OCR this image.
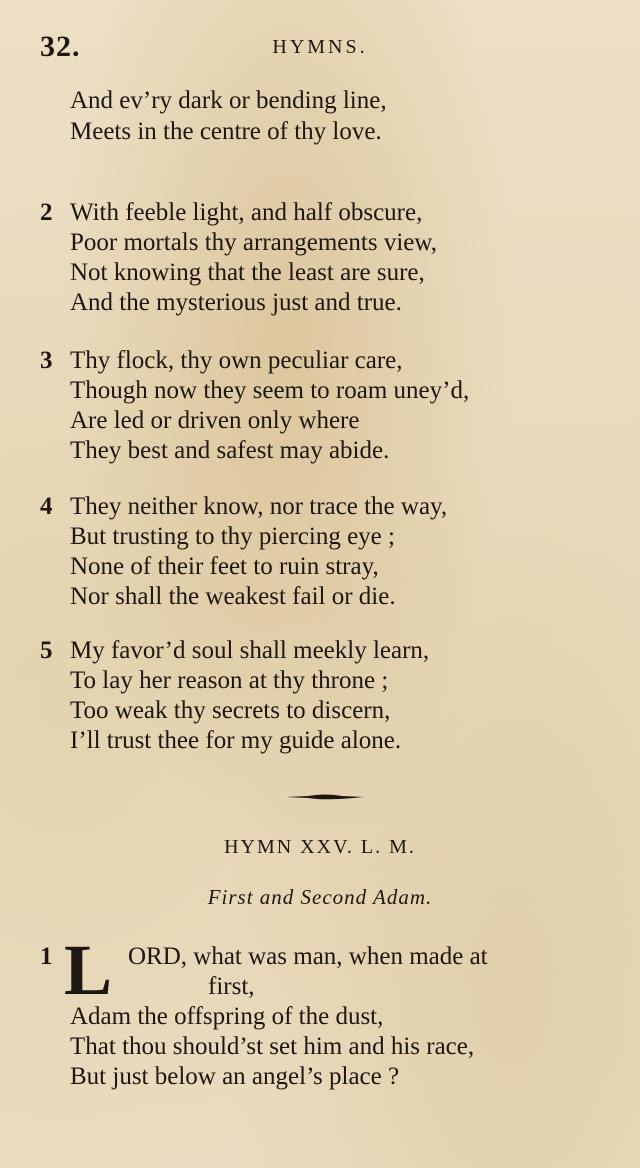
32.	HYMNS.
And ev’ry dark or bending line,
Meets in the centre of thy love.
2 With feeble light, and half obscure,
Poor mortals thy arrangements view,
Not knowing that the least are sure,
And the mysterious just and true.
3 Thy flock, thy own peculiar care,
Though now they seem to roam uney’d,
Are led or driven only where
They best and safest may abide.
4 They neither know, nor trace the way,
But trusting to thy piercing eye ;
None of their feet to ruin stray,
Nor shall the weakest fail or die.
5 My favor’d soul shall meekly learn,
To lay her reason at thy throne ;
Too weak thy secrets to discern,
I’ll trust thee for my guide alone.
HYMN XXV. L. M.
First and Second Adam.
1 L ORD, what was man, when made at
first,
Adam the offspring of the dust,
That thou should’st set him and his race,
But just below an angel’s place ?
